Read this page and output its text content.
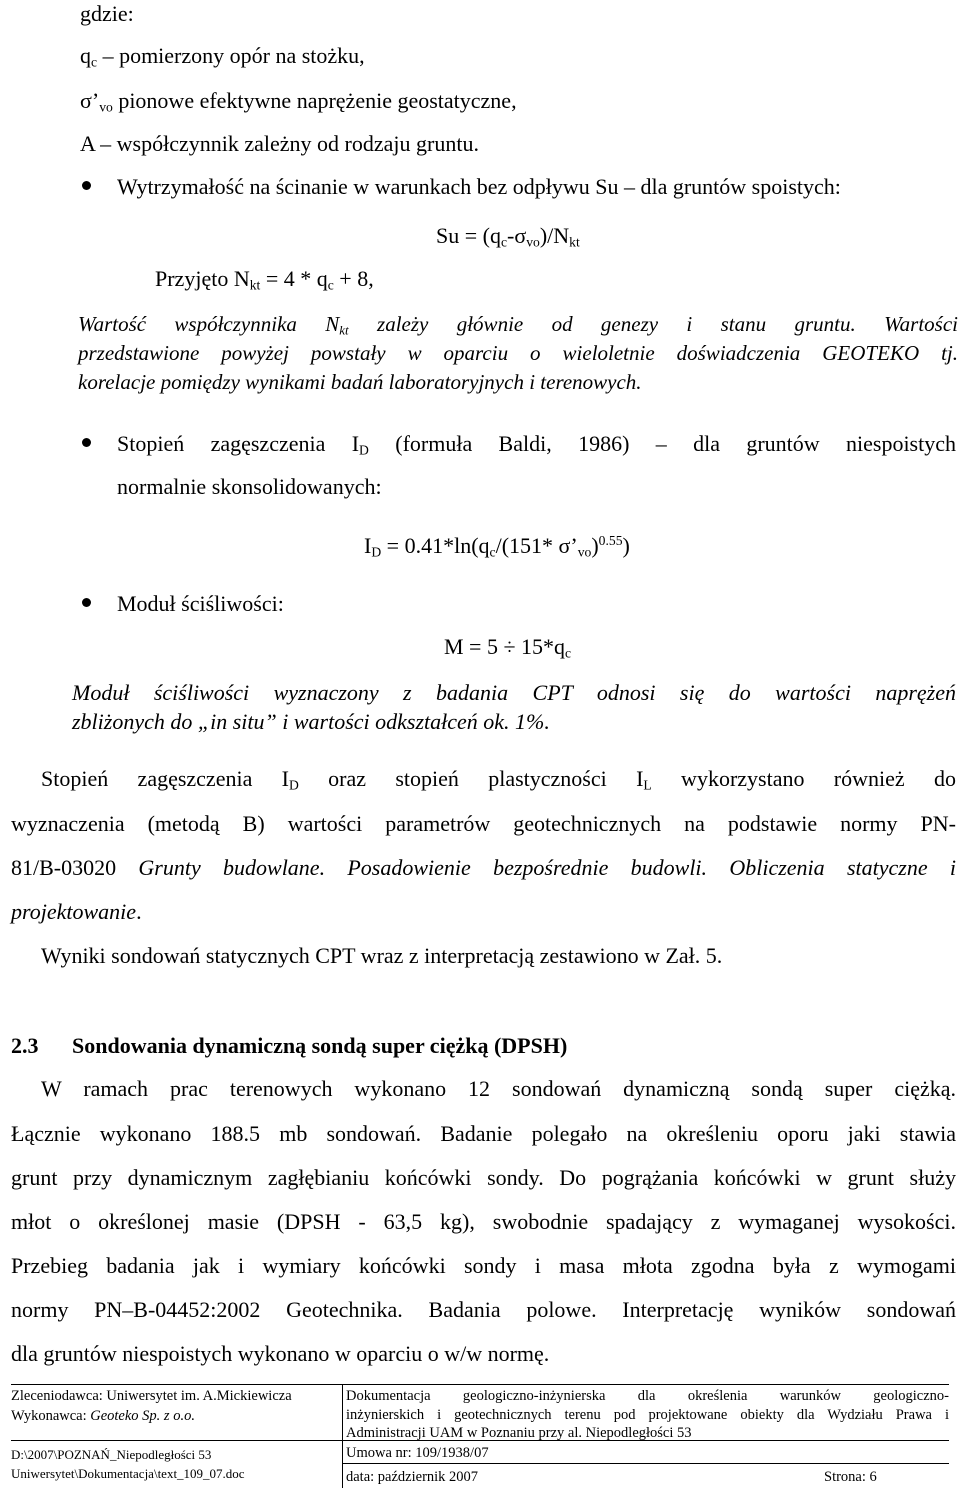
gdzie:
$q_c$ – pomierzony opór na stożku,
$\sigma’_{vo}$ pionowe efektywne naprężenie geostatyczne,
A – współczynnik zależny od rodzaju gruntu.
Wytrzymałość na ścinanie w warunkach bez odpływu Su – dla gruntów spoistych:
$Su = (q_c-\sigma_{vo})/N_{kt}$
Przyjęto $N_{kt} = 4 * q_c + 8$,
Wartość współczynnika $N_{kt}$ zależy głównie od genezy i stanu gruntu. Wartości
przedstawione powyżej powstały w oparciu o wieloletnie doświadczenia GEOTEKO tj.
korelacje pomiędzy wynikami badań laboratoryjnych i terenowych.
Stopień zagęszczenia $I_D$ (formuła Baldi, 1986) – dla gruntów niespoistych
normalnie skonsolidowanych:
$I_D = 0.41*\ln(q_c/(151*$ $\sigma’_{vo})^{0.55}$)
Moduł ściśliwości:
$M = 5 \div 15*q_c$
Moduł ściśliwości wyznaczony z badania CPT odnosi się do wartości naprężeń
zbliżonych do „in situ” i wartości odkształceń ok. 1%.
Stopień zagęszczenia $I_D$ oraz stopień plastyczności $I_L$ wykorzystano również do
wyznaczenia (metodą B) wartości parametrów geotechnicznych na podstawie normy PN-
81/B-03020 Grunty budowlane. Posadowienie bezpośrednie budowli. Obliczenia statyczne i
projektowanie.
Wyniki sondowań statycznych CPT wraz z interpretacją zestawiono w Zał. 5.
2.3 Sondowania dynamiczną sondą super ciężką (DPSH)
W ramach prac terenowych wykonano 12 sondowań dynamiczną sondą super ciężką.
Łącznie wykonano 188.5 mb sondowań. Badanie polegało na określeniu oporu jaki stawia
grunt przy dynamicznym zagłębianiu końcówki sondy. Do pogrążania końcówki w grunt służy
młot o określonej masie (DPSH - 63,5 kg), swobodnie spadający z wymaganej wysokości.
Przebieg badania jak i wymiary końcówki sondy i masa młota zgodna była z wymogami
normy PN–B-04452:2002 Geotechnika. Badania polowe. Interpretację wyników sondowań
dla gruntów niespoistych wykonano w oparciu o w/w normę.
Zleceniodawca: Uniwersytet im. A.Mickiewicza
Wykonawca: Geoteko Sp. z o.o.
Dokumentacja geologiczno-inżynierska dla określenia warunków geologiczno-
inżynierskich i geotechnicznych terenu pod projektowane obiekty dla Wydziału Prawa i
Administracji UAM w Poznaniu przy al. Niepodległości 53
D:\2007\POZNAŃ_Niepodległości 53
Uniwersytet\Dokumentacja\text_109_07.doc
Umowa nr: 109/1938/07
data: październik 2007	Strona: 6
